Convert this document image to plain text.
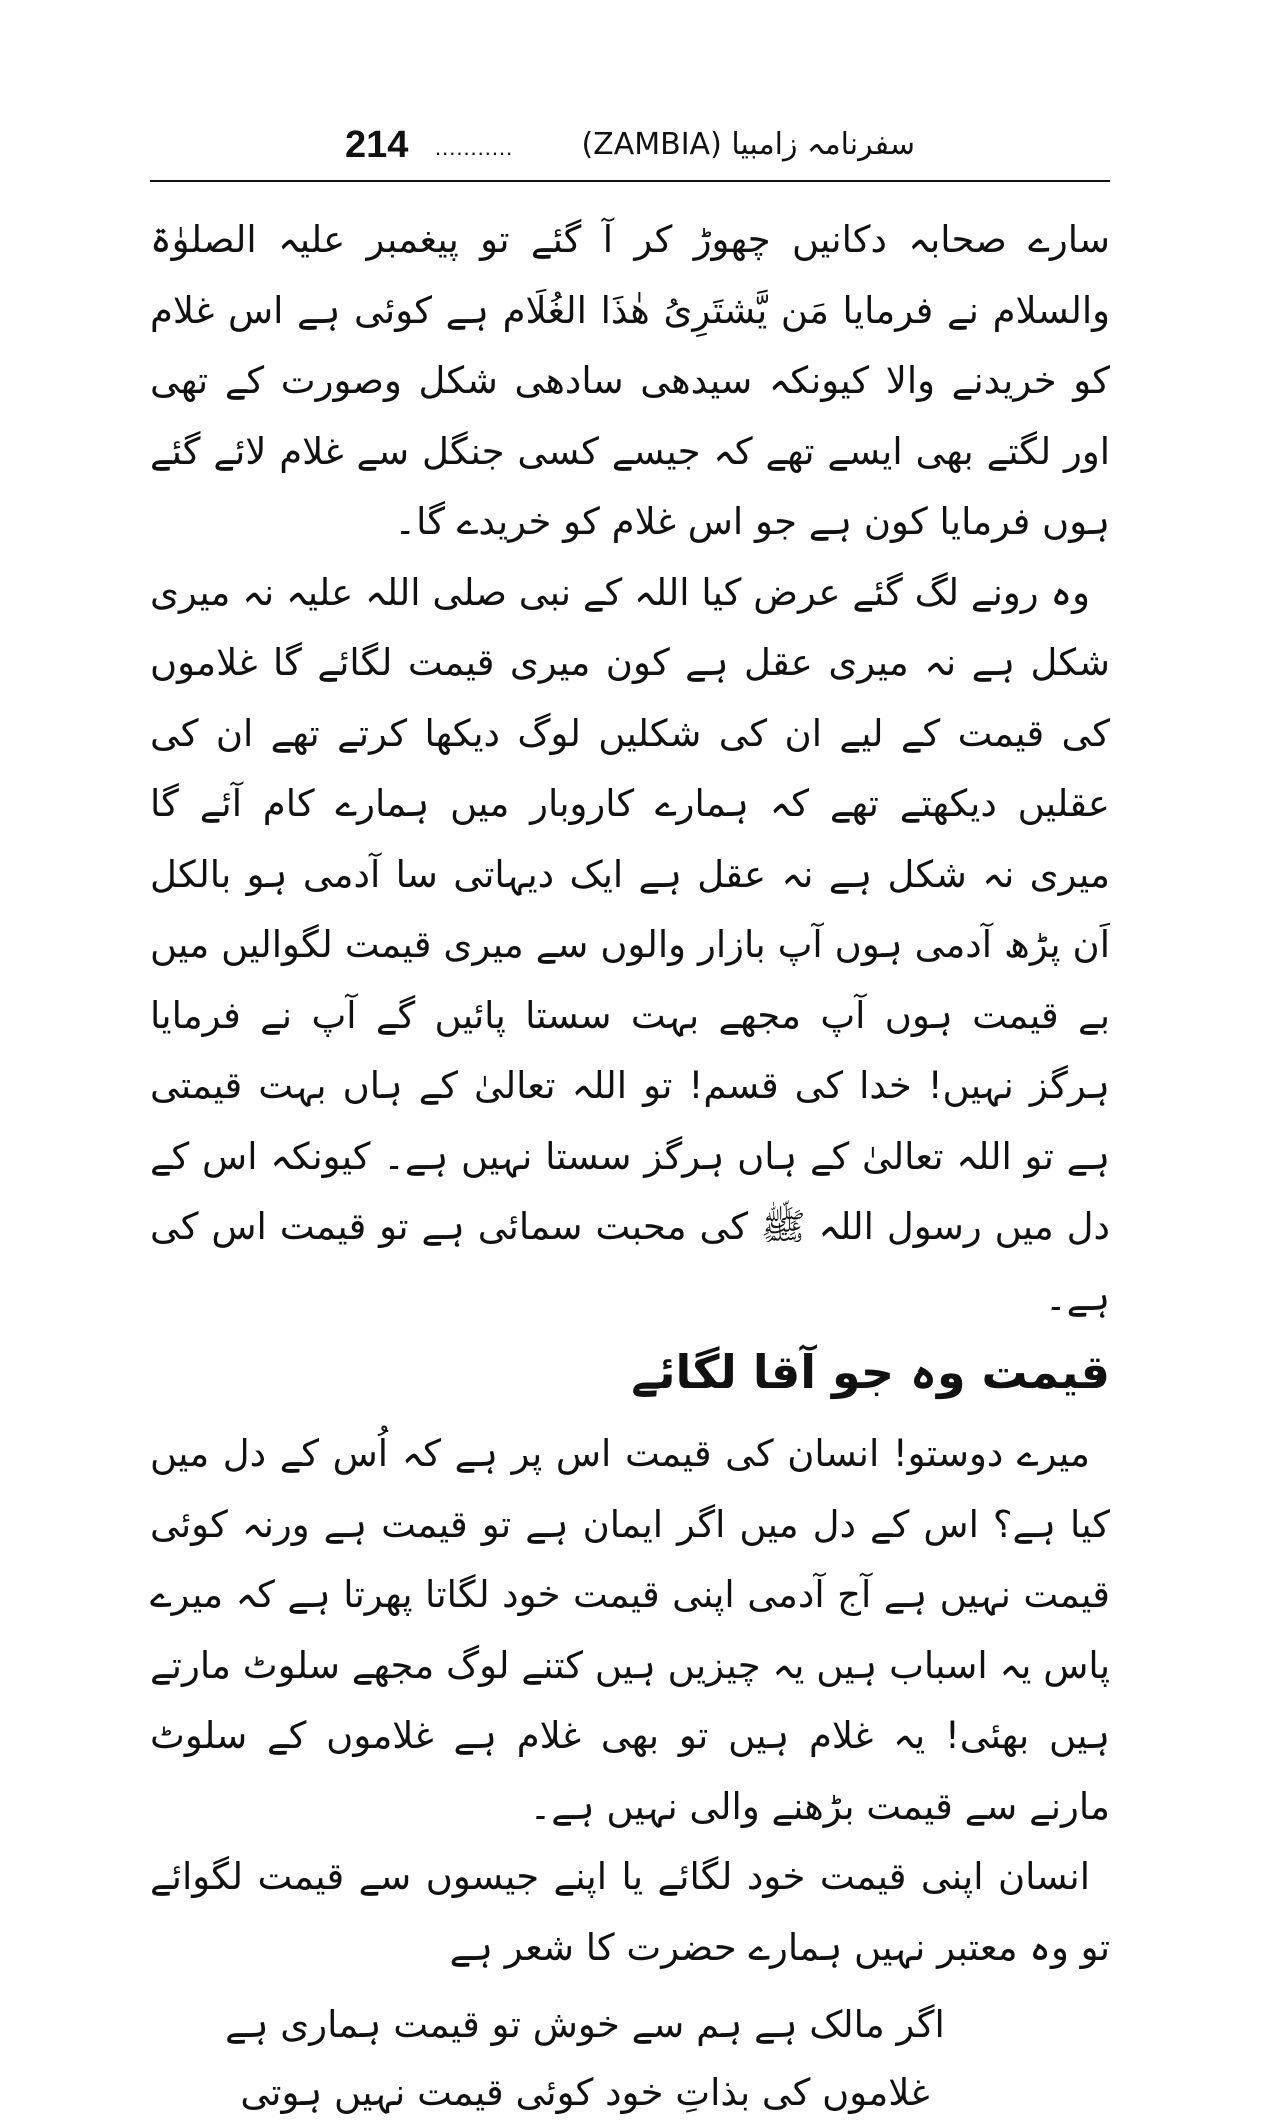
214 ........... سفرنامہ زامبیا (ZAMBIA)

سارے صحابہ دکانیں چھوڑ کر آ گئے تو پیغمبر علیہ الصلوٰۃ والسلام نے فرمایا مَن یَّشتَرِیُ ھٰذَا الغُلَام ہے کوئی ہے اس غلام کو خریدنے والا کیونکہ سیدھی سادھی شکل وصورت کے تھی اور لگتے بھی ایسے تھے کہ جیسے کسی جنگل سے غلام لائے گئے ہوں فرمایا کون ہے جو اس غلام کو خریدے گا۔

وہ رونے لگ گئے عرض کیا اللہ کے نبی صلی اللہ علیہ نہ میری شکل ہے نہ میری عقل ہے کون میری قیمت لگائے گا غلاموں کی قیمت کے لیے ان کی شکلیں لوگ دیکھا کرتے تھے ان کی عقلیں دیکھتے تھے کہ ہمارے کاروبار میں ہمارے کام آئے گا میری نہ شکل ہے نہ عقل ہے ایک دیہاتی سا آدمی ہو بالکل اَن پڑھ آدمی ہوں آپ بازار والوں سے میری قیمت لگوالیں میں بے قیمت ہوں آپ مجھے بہت سستا پائیں گے آپ نے فرمایا ہرگز نہیں! خدا کی قسم! تو اللہ تعالیٰ کے ہاں بہت قیمتی ہے تو اللہ تعالیٰ کے ہاں ہرگز سستا نہیں ہے۔ کیونکہ اس کے دل میں رسول اللہ ﷺ کی محبت سمائی ہے تو قیمت اس کی ہے۔

قیمت وہ جو آقا لگائے

میرے دوستو! انسان کی قیمت اس پر ہے کہ اُس کے دل میں کیا ہے؟ اس کے دل میں اگر ایمان ہے تو قیمت ہے ورنہ کوئی قیمت نہیں ہے آج آدمی اپنی قیمت خود لگاتا پھرتا ہے کہ میرے پاس یہ اسباب ہیں یہ چیزیں ہیں کتنے لوگ مجھے سلوٹ مارتے ہیں بھئی! یہ غلام ہیں تو بھی غلام ہے غلاموں کے سلوٹ مارنے سے قیمت بڑھنے والی نہیں ہے۔

انسان اپنی قیمت خود لگائے یا اپنے جیسوں سے قیمت لگوائے تو وہ معتبر نہیں ہمارے حضرت کا شعر ہے

اگر مالک ہے ہم سے خوش تو قیمت ہماری ہے
غلاموں کی بذاتِ خود کوئی قیمت نہیں ہوتی
